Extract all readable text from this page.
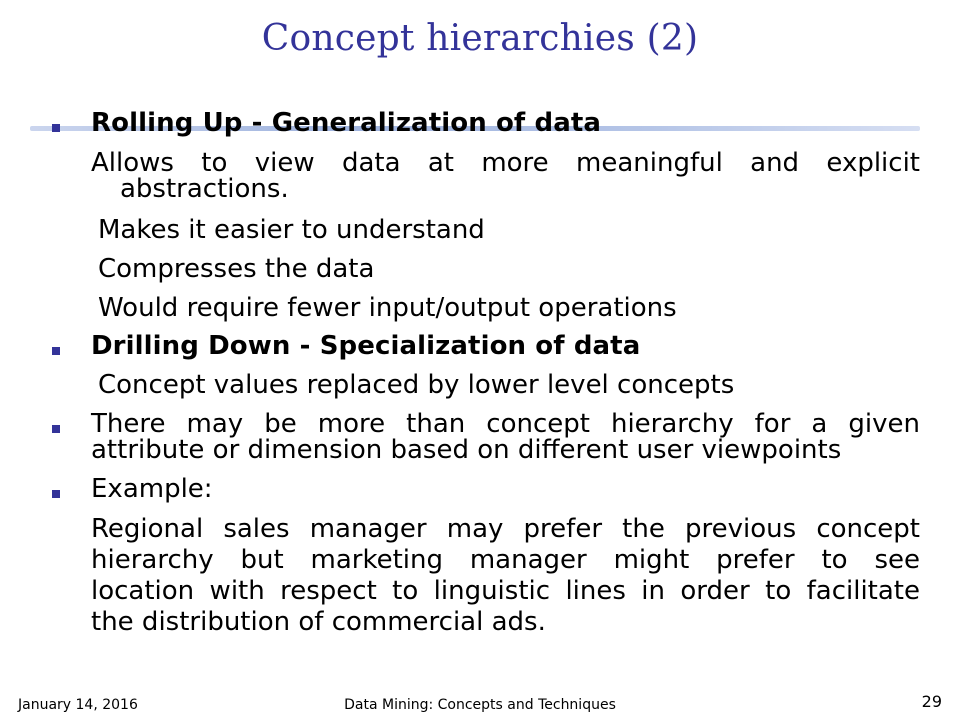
Concept hierarchies (2)
Rolling Up - Generalization of data
Allows to view data at more meaningful and explicit
abstractions.
Makes it easier to understand
Compresses the data
Would require fewer input/output operations
Drilling Down - Specialization of data
Concept values replaced by lower level concepts
There may be more than concept hierarchy for a given
attribute or dimension based on different user viewpoints
Example:
Regional sales manager may prefer the previous concept
hierarchy but marketing manager might prefer to see
location with respect to linguistic lines in order to facilitate
the distribution of commercial ads.
January 14, 2016	Data Mining: Concepts and Techniques	29
